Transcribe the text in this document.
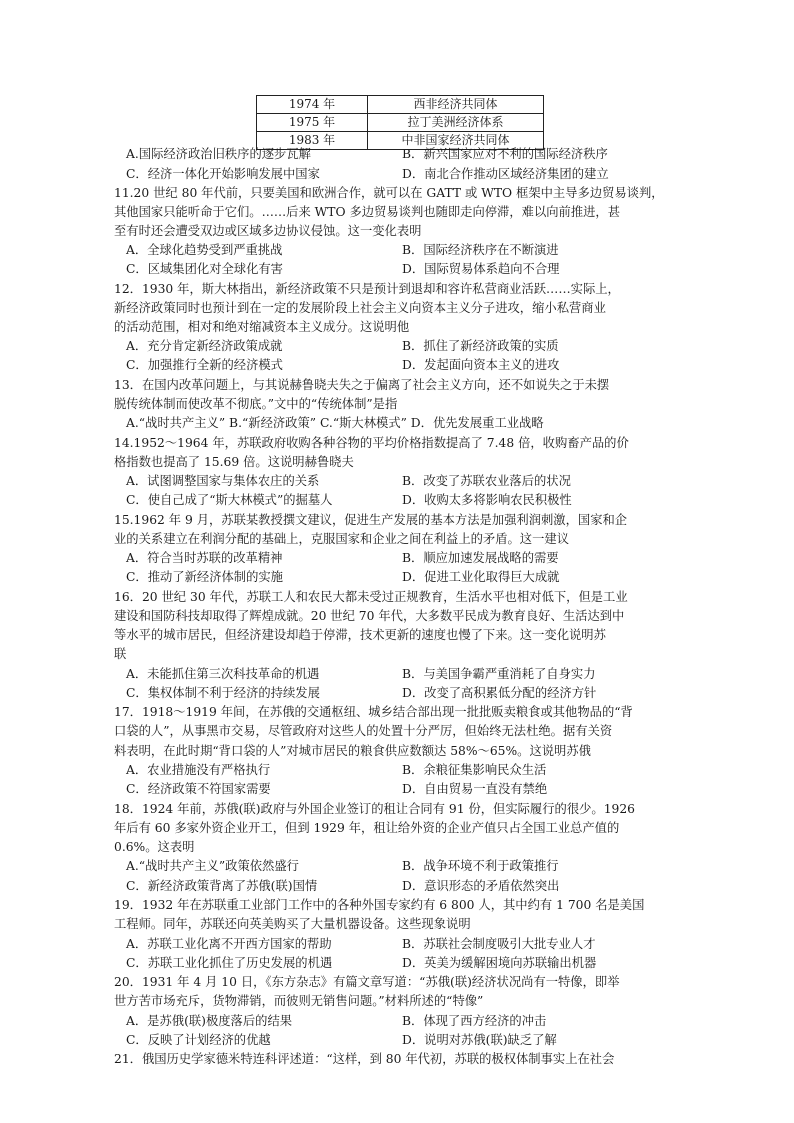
1974 年	西非经济共同体
1975 年	拉丁美洲经济体系
1983 年	中非国家经济共同体
A.国际经济政治旧秩序的逐步瓦解	B．新兴国家应对不利的国际经济秩序
C．经济一体化开始影响发展中国家	D．南北合作推动区域经济集团的建立
11.20 世纪 80 年代前，只要美国和欧洲合作，就可以在 GATT 或 WTO 框架中主导多边贸易谈判，
其他国家只能听命于它们。……后来 WTO 多边贸易谈判也随即走向停滞，难以向前推进，甚
至有时还会遭受双边或区域多边协议侵蚀。这一变化表明
A．全球化趋势受到严重挑战	B．国际经济秩序在不断演进
C．区域集团化对全球化有害	D．国际贸易体系趋向不合理
12．1930 年，斯大林指出，新经济政策不只是预计到退却和容许私营商业活跃……实际上，
新经济政策同时也预计到在一定的发展阶段上社会主义向资本主义分子进攻，缩小私营商业
的活动范围，相对和绝对缩减资本主义成分。这说明他
A．充分肯定新经济政策成就	B．抓住了新经济政策的实质
C．加强推行全新的经济模式	D．发起面向资本主义的进攻
13．在国内改革问题上，与其说赫鲁晓夫失之于偏离了社会主义方向，还不如说失之于未摆
脱传统体制而使改革不彻底。”文中的“传统体制”是指
A.“战时共产主义” B.“新经济政策” C.“斯大林模式” D．优先发展重工业战略
14.1952～1964 年，苏联政府收购各种谷物的平均价格指数提高了 7.48 倍，收购畜产品的价
格指数也提高了 15.69 倍。这说明赫鲁晓夫
A．试图调整国家与集体农庄的关系	B．改变了苏联农业落后的状况
C．使自己成了“斯大林模式”的掘墓人	D．收购太多将影响农民积极性
15.1962 年 9 月，苏联某教授撰文建议，促进生产发展的基本方法是加强利润刺激，国家和企
业的关系建立在利润分配的基础上，克服国家和企业之间在利益上的矛盾。这一建议
A．符合当时苏联的改革精神	B．顺应加速发展战略的需要
C．推动了新经济体制的实施	D．促进工业化取得巨大成就
16．20 世纪 30 年代，苏联工人和农民大都未受过正规教育，生活水平也相对低下，但是工业
建设和国防科技却取得了辉煌成就。20 世纪 70 年代，大多数平民成为教育良好、生活达到中
等水平的城市居民，但经济建设却趋于停滞，技术更新的速度也慢了下来。这一变化说明苏
联
A．未能抓住第三次科技革命的机遇	B．与美国争霸严重消耗了自身实力
C．集权体制不利于经济的持续发展	D．改变了高积累低分配的经济方针
17．1918～1919 年间，在苏俄的交通枢纽、城乡结合部出现一批批贩卖粮食或其他物品的“背
口袋的人”，从事黑市交易，尽管政府对这些人的处置十分严厉，但始终无法杜绝。据有关资
料表明，在此时期“背口袋的人”对城市居民的粮食供应数额达 58%～65%。这说明苏俄
A．农业措施没有严格执行	B．余粮征集影响民众生活
C．经济政策不符国家需要	D．自由贸易一直没有禁绝
18．1924 年前，苏俄(联)政府与外国企业签订的租让合同有 91 份，但实际履行的很少。1926
年后有 60 多家外资企业开工，但到 1929 年，租让给外资的企业产值只占全国工业总产值的
0.6%。这表明
A.“战时共产主义”政策依然盛行	B．战争环境不利于政策推行
C．新经济政策背离了苏俄(联)国情	D．意识形态的矛盾依然突出
19．1932 年在苏联重工业部门工作中的各种外国专家约有 6 800 人，其中约有 1 700 名是美国
工程师。同年，苏联还向英美购买了大量机器设备。这些现象说明
A．苏联工业化离不开西方国家的帮助	B．苏联社会制度吸引大批专业人才
C．苏联工业化抓住了历史发展的机遇	D．英美为缓解困境向苏联输出机器
20．1931 年 4 月 10 日，《东方杂志》有篇文章写道：“苏俄(联)经济状况尚有一特像，即举
世方苦市场充斥，货物滞销，而彼则无销售问题。”材料所述的“特像”
A．是苏俄(联)极度落后的结果	B．体现了西方经济的冲击
C．反映了计划经济的优越	D．说明对苏俄(联)缺乏了解
21．俄国历史学家德米特连科评述道：“这样，到 80 年代初，苏联的极权体制事实上在社会
